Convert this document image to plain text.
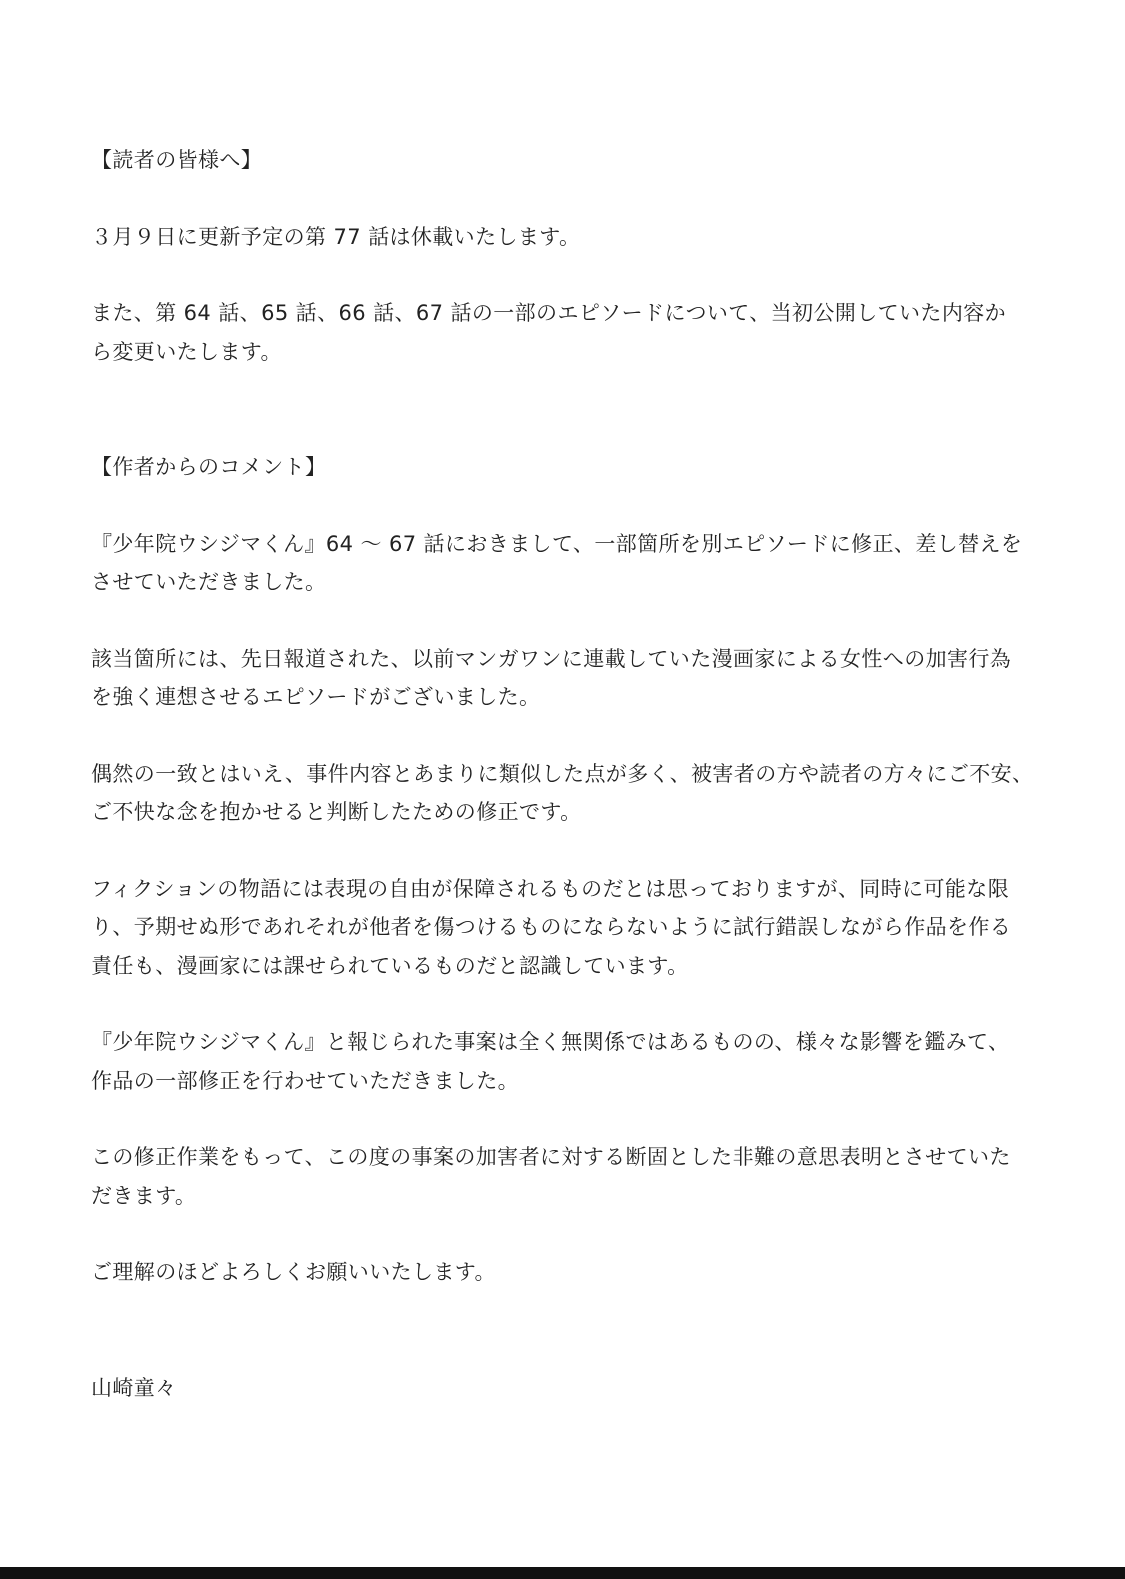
【読者の皆様へ】

３月９日に更新予定の第 77 話は休載いたします。

また、第 64 話、65 話、66 話、67 話の一部のエピソードについて、当初公開していた内容か
ら変更いたします。

【作者からのコメント】

『少年院ウシジマくん』64 ～ 67 話におきまして、一部箇所を別エピソードに修正、差し替えを
させていただきました。

該当箇所には、先日報道された、以前マンガワンに連載していた漫画家による女性への加害行為
を強く連想させるエピソードがございました。

偶然の一致とはいえ、事件内容とあまりに類似した点が多く、被害者の方や読者の方々にご不安、
ご不快な念を抱かせると判断したための修正です。

フィクションの物語には表現の自由が保障されるものだとは思っておりますが、同時に可能な限
り、予期せぬ形であれそれが他者を傷つけるものにならないように試行錯誤しながら作品を作る
責任も、漫画家には課せられているものだと認識しています。

『少年院ウシジマくん』と報じられた事案は全く無関係ではあるものの、様々な影響を鑑みて、
作品の一部修正を行わせていただきました。

この修正作業をもって、この度の事案の加害者に対する断固とした非難の意思表明とさせていた
だきます。

ご理解のほどよろしくお願いいたします。

山崎童々
